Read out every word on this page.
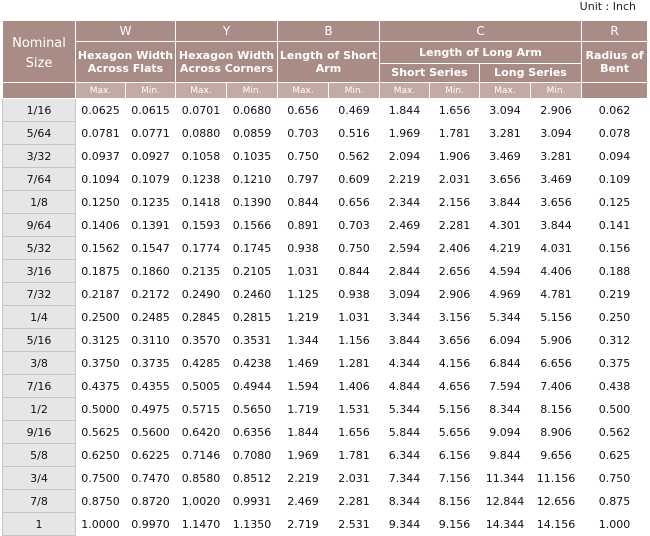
Unit : Inch
Nominal Size	W		Y		B		C				R
	Hexagon Width Across Flats		Hexagon Width Across Corners		Length of Short Arm		Length of Long Arm				Radius of Bent
							Short Series		Long Series		
	Max.	Min.	Max.	Min.	Max.	Min.	Max.	Min.	Max.	Min.	
1/16	0.0625	0.0615	0.0701	0.0680	0.656	0.469	1.844	1.656	3.094	2.906	0.062
5/64	0.0781	0.0771	0.0880	0.0859	0.703	0.516	1.969	1.781	3.281	3.094	0.078
3/32	0.0937	0.0927	0.1058	0.1035	0.750	0.562	2.094	1.906	3.469	3.281	0.094
7/64	0.1094	0.1079	0.1238	0.1210	0.797	0.609	2.219	2.031	3.656	3.469	0.109
1/8	0.1250	0.1235	0.1418	0.1390	0.844	0.656	2.344	2.156	3.844	3.656	0.125
9/64	0.1406	0.1391	0.1593	0.1566	0.891	0.703	2.469	2.281	4.301	3.844	0.141
5/32	0.1562	0.1547	0.1774	0.1745	0.938	0.750	2.594	2.406	4.219	4.031	0.156
3/16	0.1875	0.1860	0.2135	0.2105	1.031	0.844	2.844	2.656	4.594	4.406	0.188
7/32	0.2187	0.2172	0.2490	0.2460	1.125	0.938	3.094	2.906	4.969	4.781	0.219
1/4	0.2500	0.2485	0.2845	0.2815	1.219	1.031	3.344	3.156	5.344	5.156	0.250
5/16	0.3125	0.3110	0.3570	0.3531	1.344	1.156	3.844	3.656	6.094	5.906	0.312
3/8	0.3750	0.3735	0.4285	0.4238	1.469	1.281	4.344	4.156	6.844	6.656	0.375
7/16	0.4375	0.4355	0.5005	0.4944	1.594	1.406	4.844	4.656	7.594	7.406	0.438
1/2	0.5000	0.4975	0.5715	0.5650	1.719	1.531	5.344	5.156	8.344	8.156	0.500
9/16	0.5625	0.5600	0.6420	0.6356	1.844	1.656	5.844	5.656	9.094	8.906	0.562
5/8	0.6250	0.6225	0.7146	0.7080	1.969	1.781	6.344	6.156	9.844	9.656	0.625
3/4	0.7500	0.7470	0.8580	0.8512	2.219	2.031	7.344	7.156	11.344	11.156	0.750
7/8	0.8750	0.8720	1.0020	0.9931	2.469	2.281	8.344	8.156	12.844	12.656	0.875
1	1.0000	0.9970	1.1470	1.1350	2.719	2.531	9.344	9.156	14.344	14.156	1.000
